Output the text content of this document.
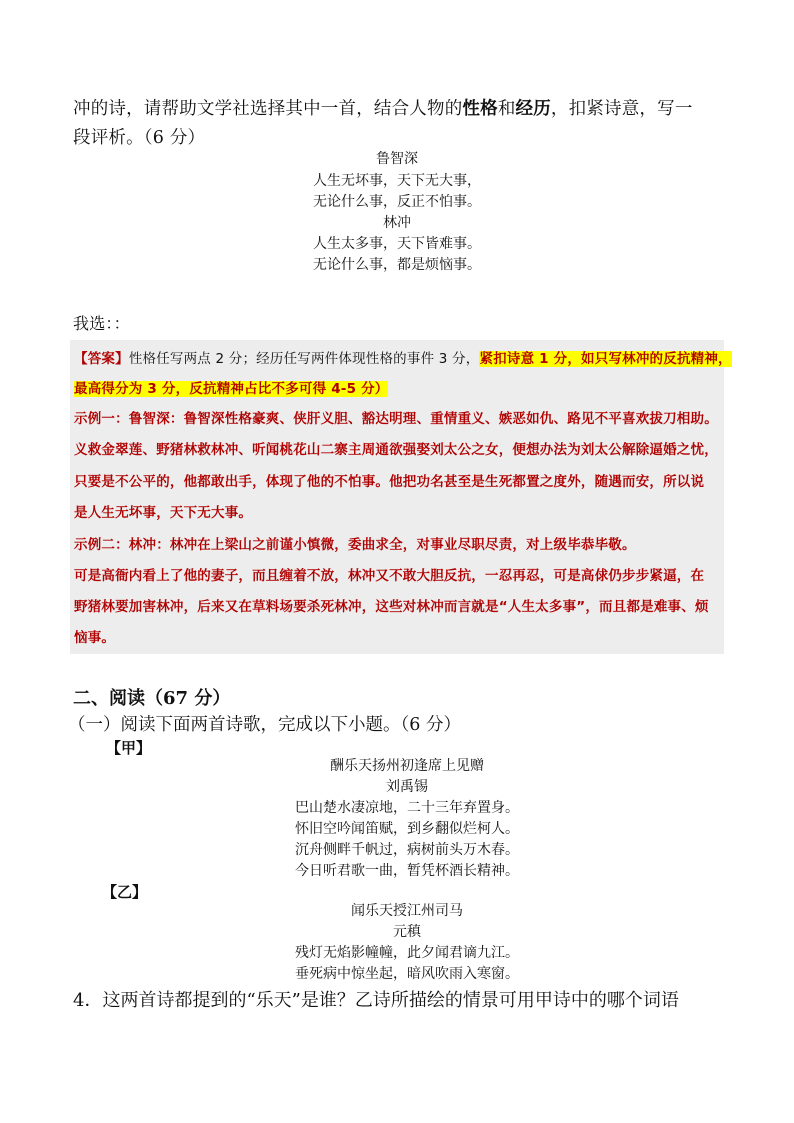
冲的诗，请帮助文学社选择其中一首，结合人物的性格和经历，扣紧诗意，写一
段评析。（6 分）
鲁智深
人生无坏事，天下无大事，
无论什么事，反正不怕事。
林冲
人生太多事，天下皆难事。
无论什么事，都是烦恼事。
我选：：
【答案】性格任写两点 2 分；经历任写两件体现性格的事件 3 分，紧扣诗意 1 分，如只写林冲的反抗精神，
最高得分为 3 分，反抗精神占比不多可得 4-5 分）
示例一：鲁智深：鲁智深性格豪爽、侠肝义胆、豁达明理、重情重义、嫉恶如仇、路见不平喜欢拔刀相助。
义救金翠莲、野猪林救林冲、听闻桃花山二寨主周通欲强娶刘太公之女，便想办法为刘太公解除逼婚之忧，
只要是不公平的，他都敢出手，体现了他的不怕事。他把功名甚至是生死都置之度外，随遇而安，所以说
是人生无坏事，天下无大事。
示例二：林冲：林冲在上梁山之前谨小慎微，委曲求全，对事业尽职尽责，对上级毕恭毕敬。
可是高衙内看上了他的妻子，而且缠着不放，林冲又不敢大胆反抗，一忍再忍，可是高俅仍步步紧逼，在
野猪林要加害林冲，后来又在草料场要杀死林冲，这些对林冲而言就是“人生太多事”，而且都是难事、烦
恼事。
二、阅读（67 分）
（一）阅读下面两首诗歌，完成以下小题。（6 分）
【甲】
酬乐天扬州初逢席上见赠
刘禹锡
巴山楚水凄凉地，二十三年弃置身。
怀旧空吟闻笛赋，到乡翻似烂柯人。
沉舟侧畔千帆过，病树前头万木春。
今日听君歌一曲，暂凭杯酒长精神。
【乙】
闻乐天授江州司马
元稹
残灯无焰影幢幢，此夕闻君谪九江。
垂死病中惊坐起，暗风吹雨入寒窗。
4．这两首诗都提到的“乐天”是谁？乙诗所描绘的情景可用甲诗中的哪个词语
